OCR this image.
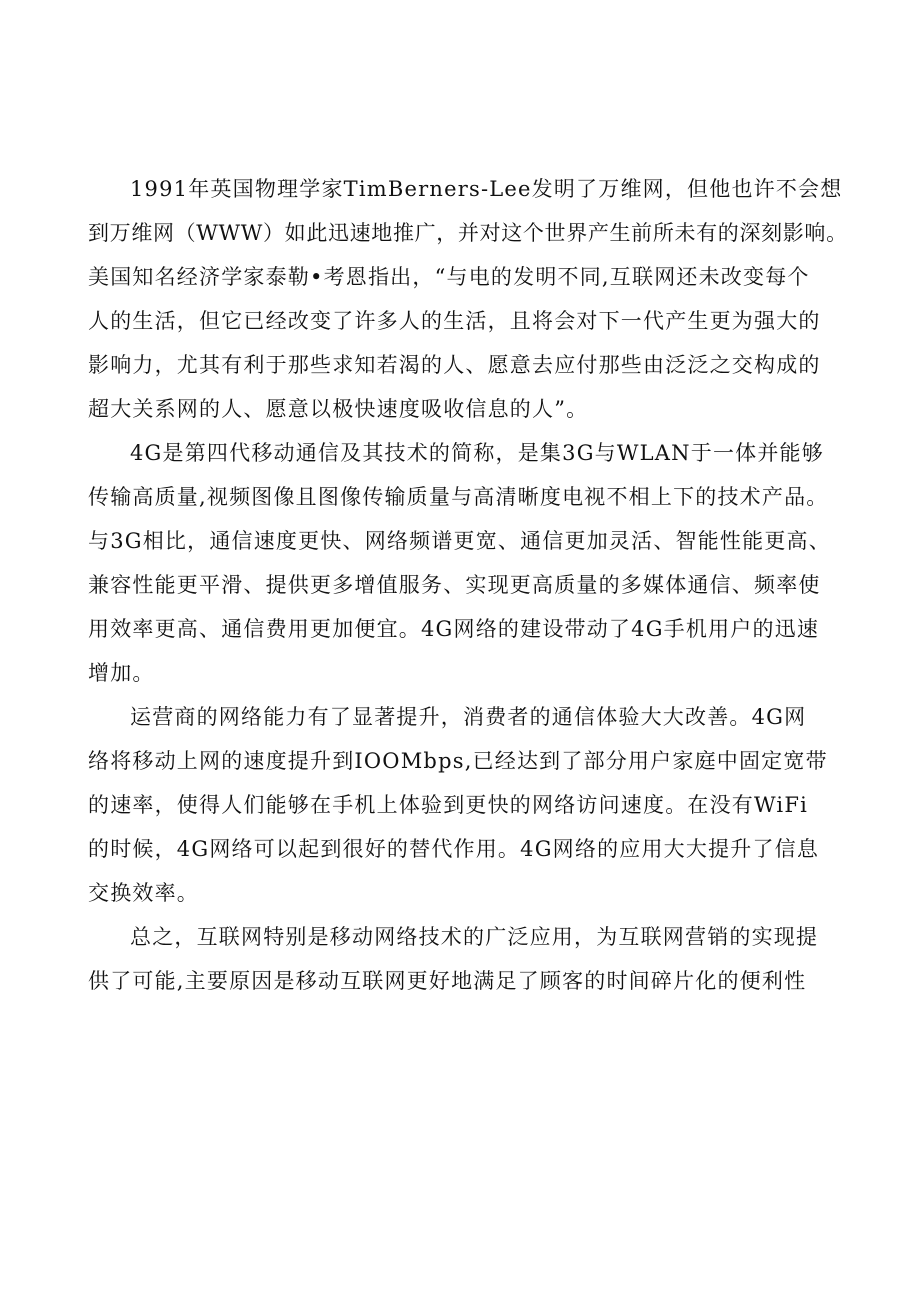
1991年英国物理学家TimBerners-Lee发明了万维网，但他也许不会想
到万维网（WWW）如此迅速地推广，并对这个世界产生前所未有的深刻影响。
美国知名经济学家泰勒•考恩指出，“与电的发明不同,互联网还未改变每个
人的生活，但它已经改变了许多人的生活，且将会对下一代产生更为强大的
影响力，尤其有利于那些求知若渴的人、愿意去应付那些由泛泛之交构成的
超大关系网的人、愿意以极快速度吸收信息的人”。
4G是第四代移动通信及其技术的简称，是集3G与WLAN于一体并能够
传输高质量,视频图像且图像传输质量与高清晰度电视不相上下的技术产品。
与3G相比，通信速度更快、网络频谱更宽、通信更加灵活、智能性能更高、
兼容性能更平滑、提供更多增值服务、实现更高质量的多媒体通信、频率使
用效率更高、通信费用更加便宜。4G网络的建设带动了4G手机用户的迅速
增加。
运营商的网络能力有了显著提升，消费者的通信体验大大改善。4G网
络将移动上网的速度提升到IOOMbps,已经达到了部分用户家庭中固定宽带
的速率，使得人们能够在手机上体验到更快的网络访问速度。在没有WiFi
的时候，4G网络可以起到很好的替代作用。4G网络的应用大大提升了信息
交换效率。
总之，互联网特别是移动网络技术的广泛应用，为互联网营销的实现提
供了可能,主要原因是移动互联网更好地满足了顾客的时间碎片化的便利性
